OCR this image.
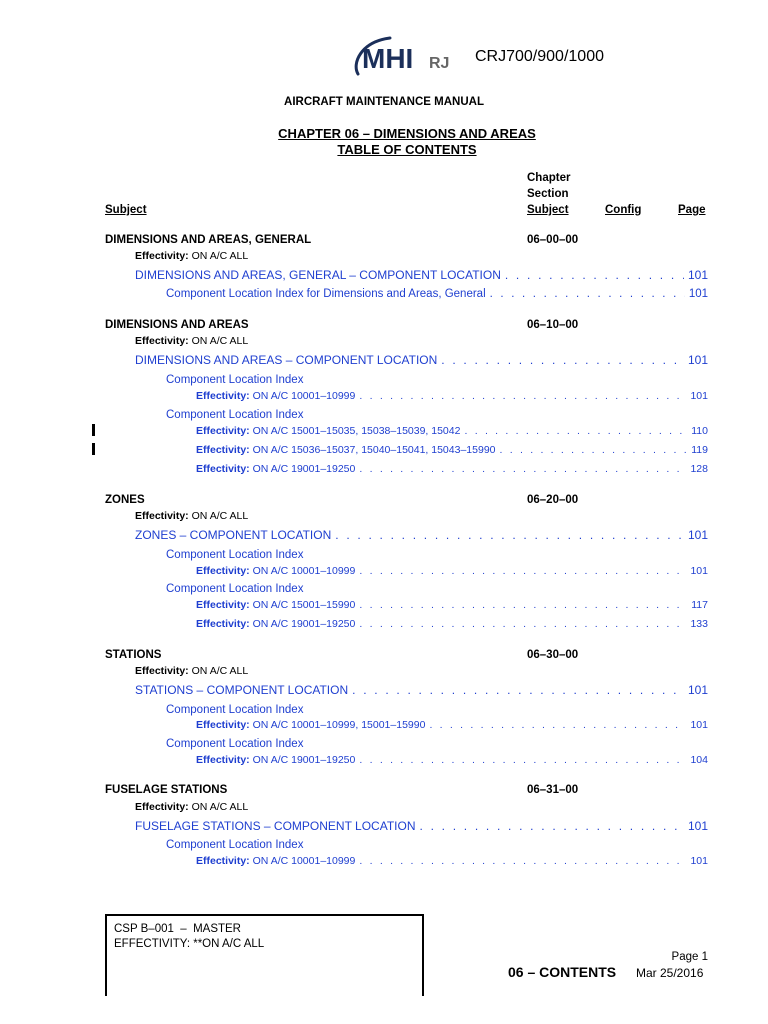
MHI RJ CRJ700/900/1000
AIRCRAFT MAINTENANCE MANUAL
CHAPTER 06 – DIMENSIONS AND AREAS
TABLE OF CONTENTS
Subject
Chapter
Section
Subject	Config	Page
DIMENSIONS AND AREAS, GENERAL	06–00–00
Effectivity: ON A/C ALL
DIMENSIONS AND AREAS, GENERAL – COMPONENT LOCATION . . .	101
Component Location Index for Dimensions and Areas, General . . .	101
DIMENSIONS AND AREAS	06–10–00
Effectivity: ON A/C ALL
DIMENSIONS AND AREAS – COMPONENT LOCATION . . .	101
Component Location Index
Effectivity: ON A/C 10001–10999 . . .	101
Component Location Index
Effectivity: ON A/C 15001–15035, 15038–15039, 15042 . . .	110
Effectivity: ON A/C 15036–15037, 15040–15041, 15043–15990 . . .	119
Effectivity: ON A/C 19001–19250 . . .	128
ZONES	06–20–00
Effectivity: ON A/C ALL
ZONES – COMPONENT LOCATION . . .	101
Component Location Index
Effectivity: ON A/C 10001–10999 . . .	101
Component Location Index
Effectivity: ON A/C 15001–15990 . . .	117
Effectivity: ON A/C 19001–19250 . . .	133
STATIONS	06–30–00
Effectivity: ON A/C ALL
STATIONS – COMPONENT LOCATION . . .	101
Component Location Index
Effectivity: ON A/C 10001–10999, 15001–15990 . . .	101
Component Location Index
Effectivity: ON A/C 19001–19250 . . .	104
FUSELAGE STATIONS	06–31–00
Effectivity: ON A/C ALL
FUSELAGE STATIONS – COMPONENT LOCATION . . .	101
Component Location Index
Effectivity: ON A/C 10001–10999 . . .	101
CSP B–001  –  MASTER
EFFECTIVITY: **ON A/C ALL
Page 1
06 – CONTENTS Mar 25/2016
